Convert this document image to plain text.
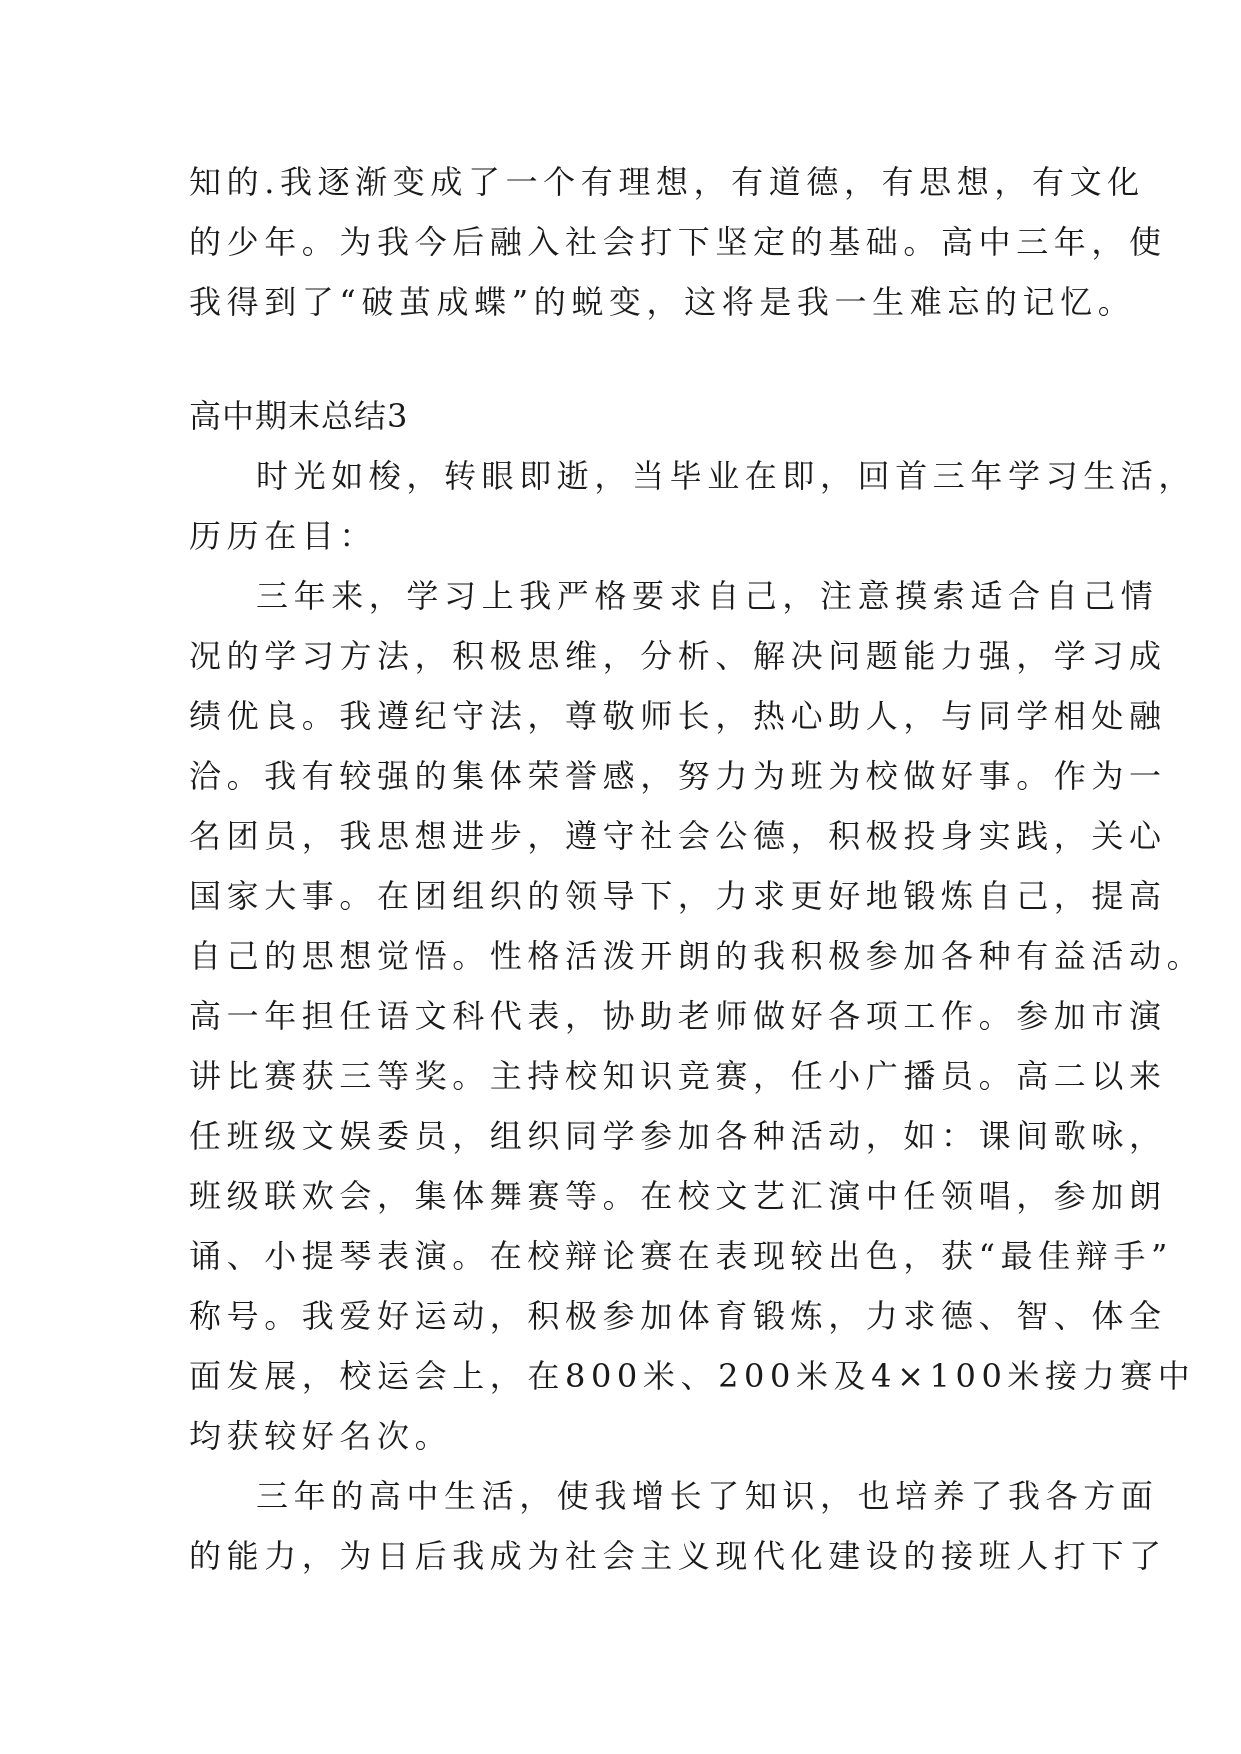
知的.我逐渐变成了一个有理想，有道德，有思想，有文化
的少年。为我今后融入社会打下坚定的基础。高中三年，使
我得到了“破茧成蝶”的蜕变，这将是我一生难忘的记忆。
高中期末总结3
时光如梭，转眼即逝，当毕业在即，回首三年学习生活，
历历在目：
三年来，学习上我严格要求自己，注意摸索适合自己情
况的学习方法，积极思维，分析、解决问题能力强，学习成
绩优良。我遵纪守法，尊敬师长，热心助人，与同学相处融
洽。我有较强的集体荣誉感，努力为班为校做好事。作为一
名团员，我思想进步，遵守社会公德，积极投身实践，关心
国家大事。在团组织的领导下，力求更好地锻炼自己，提高
自己的思想觉悟。性格活泼开朗的我积极参加各种有益活动。
高一年担任语文科代表，协助老师做好各项工作。参加市演
讲比赛获三等奖。主持校知识竞赛，任小广播员。高二以来
任班级文娱委员，组织同学参加各种活动，如：课间歌咏，
班级联欢会，集体舞赛等。在校文艺汇演中任领唱，参加朗
诵、小提琴表演。在校辩论赛在表现较出色，获“最佳辩手”
称号。我爱好运动，积极参加体育锻炼，力求德、智、体全
面发展，校运会上，在800米、200米及4×100米接力赛中
均获较好名次。
三年的高中生活，使我增长了知识，也培养了我各方面
的能力，为日后我成为社会主义现代化建设的接班人打下了
